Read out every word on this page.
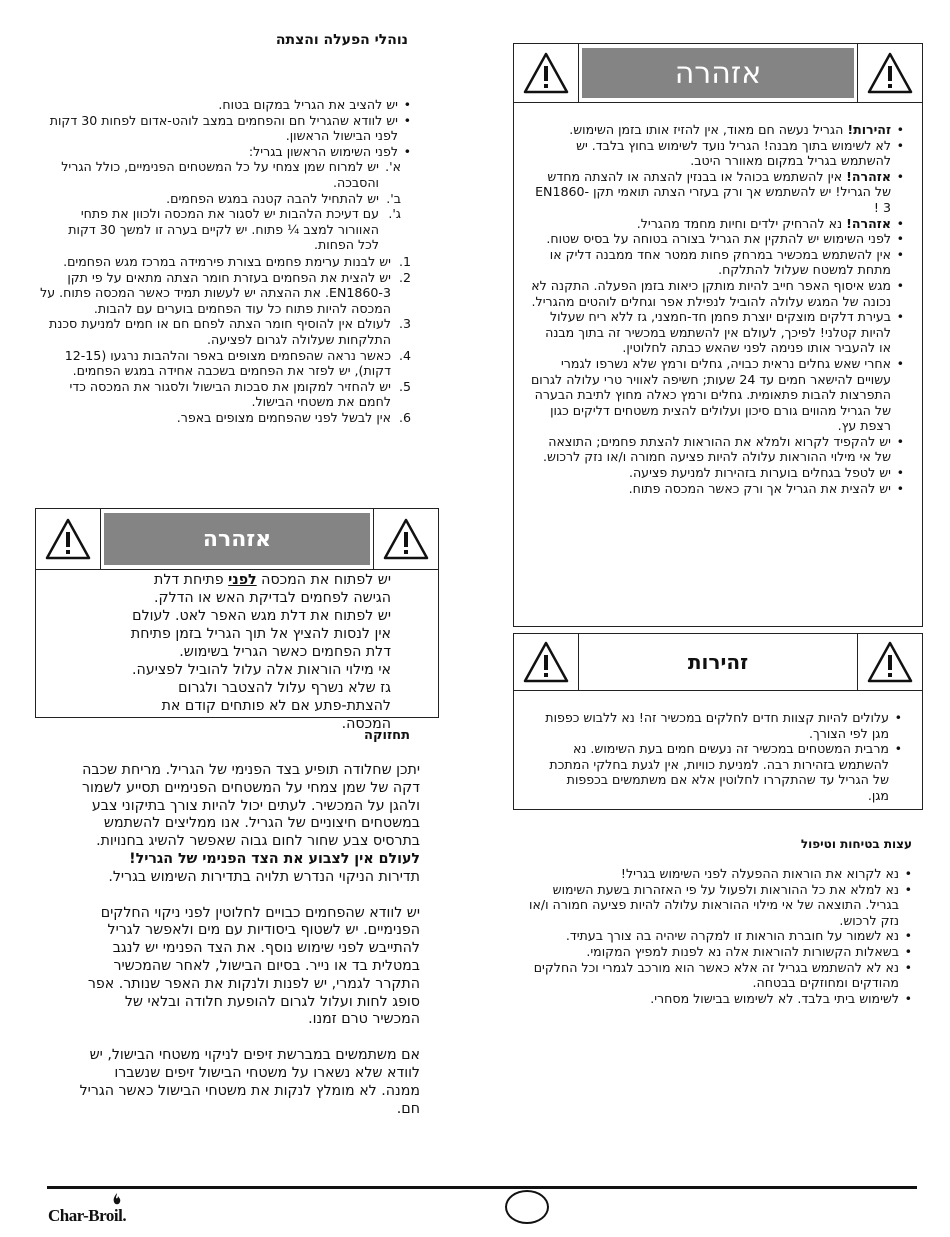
נוהלי הפעלה והצתה
• יש להציב את הגריל במקום בטוח.
• יש לוודא שהגריל חם והפחמים במצב לוהט-אדום לפחות 30 דקות לפני הבישול הראשון.
• לפני השימוש הראשון בגריל:
א'.
יש למרוח שמן צמחי על כל המשטחים הפנימיים, כולל הגריל והסבכה.
ב'.
יש להתחיל להבה קטנה במגש הפחמים.
ג'.
עם דעיכת הלהבות יש לסגור את המכסה ולכוון את פתחי האוורור למצב ¼ פתוח. יש לקיים בערה זו למשך 30 דקות לכל הפחות.
1.
יש לבנות ערימת פחמים בצורת פירמידה במרכז מגש הפחמים.
2.
יש להצית את הפחמים בעזרת חומר הצתה מתאים על פי תקן EN1860-3. את ההצתה יש לעשות תמיד כאשר המכסה פתוח. על המכסה להיות פתוח כל עוד הפחמים בוערים עם להבות.
3.
לעולם אין להוסיף חומר הצתה לפחם חם או חמים למניעת סכנת התלקחות שעלולה לגרום לפציעה.
4.
כאשר נראה שהפחמים מצופים באפר והלהבות נרגעו (12-15 דקות), יש לפזר את הפחמים בשכבה אחידה במגש הפחמים.
5.
יש להחזיר למקומן את סבכות הבישול ולסגור את המכסה כדי לחמם את משטחי הבישול.
6.
אין לבשל לפני שהפחמים מצופים באפר.
אזהרה

יש לפתוח את המכסה לפני פתיחת דלת הגישה לפחמים לבדיקת האש או הדלק.

יש לפתוח את דלת מגש האפר לאט. לעולם אין לנסות להציץ אל תוך הגריל בזמן פתיחת דלת הפחמים כאשר הגריל בשימוש.

אי מילוי הוראות אלה עלול להוביל לפציעה.

גז שלא נשרף עלול להצטבר ולגרום להצתת-פתע אם לא פותחים קודם את המכסה.

תחזוקה

יתכן שחלודה תופיע בצד הפנימי של הגריל. מריחת שכבה דקה של שמן צמחי על המשטחים הפנימיים תסייע לשמור ולהגן על המכשיר. לעתים יכול להיות צורך בתיקוני צבע במשטחים חיצוניים של הגריל. אנו ממליצים להשתמש בתרסיס צבע שחור לחום גבוה שאפשר להשיג בחנויות. לעולם אין לצבוע את הצד הפנימי של הגריל!

תדירות הניקוי הנדרש תלויה בתדירות השימוש בגריל.

יש לוודא שהפחמים כבויים לחלוטין לפני ניקוי החלקים הפנימיים. יש לשטוף ביסודיות עם מים ולאפשר לגריל להתייבש לפני שימוש נוסף. את הצד הפנימי יש לנגב במטלית בד או נייר. בסיום הבישול, לאחר שהמכשיר התקרר לגמרי, יש לפנות ולנקות את האפר שנותר. אפר סופג לחות ועלול לגרום להופעת חלודה ובלאי של המכשיר טרם זמנו.

אם משתמשים במברשת זיפים לניקוי משטחי הבישול, יש לוודא שלא נשארו על משטחי הבישול זיפים שנשברו ממנה. לא מומלץ לנקות את משטחי הבישול כאשר הגריל חם.

אזהרה
• זהירות! הגריל נעשה חם מאוד, אין להזיז אותו בזמן השימוש.
• לא לשימוש בתוך מבנה! הגריל נועד לשימוש בחוץ בלבד. יש להשתמש בגריל במקום מאוורר היטב.
• אזהרה! אין להשתמש בכוהל או בבנזין להצתה או להצתה מחדש של הגריל! יש להשתמש אך ורק בעזרי הצתה תואמי תקן EN1860-3 !
• אזהרה! נא להרחיק ילדים וחיות מחמד מהגריל.
• לפני השימוש יש להתקין את הגריל בצורה בטוחה על בסיס שטוח.
• אין להשתמש במכשיר במרחק פחות ממטר אחד ממבנה דליק או מתחת למשטח שעלול להתלקח.
• מגש איסוף האפר חייב להיות מותקן כיאות בזמן הפעלה. התקנה לא נכונה של המגש עלולה להוביל לנפילת אפר וגחלים לוהטים מהגריל.
• בעירת דלקים מוצקים יוצרת פחמן חד-חמצני, גז ללא ריח שעלול להיות קטלני! לפיכך, לעולם אין להשתמש במכשיר זה בתוך מבנה או להעביר אותו פנימה לפני שהאש כבתה לחלוטין.
• אחרי שאש גחלים נראית כבויה, גחלים ורמץ שלא נשרפו לגמרי עשויים להישאר חמים עד 24 שעות; חשיפה לאוויר טרי עלולה לגרום התפרצות להבות פתאומית. גחלים ורמץ כאלה מחוץ לתיבת הבערה של הגריל מהווים גורם סיכון ועלולים להצית משטחים דליקים כגון רצפת עץ.
• יש להקפיד לקרוא ולמלא את ההוראות להצתת פחמים; התוצאה של אי מילוי ההוראות עלולה להיות פציעה חמורה ו/או נזק לרכוש.
• יש לטפל בגחלים בוערות בזהירות למניעת פציעה.
• יש להצית את הגריל אך ורק כאשר המכסה פתוח.
זהירות
• עלולים להיות קצוות חדים לחלקים במכשיר זה! נא ללבוש כפפות מגן לפי הצורך.
• מרבית המשטחים במכשיר זה נעשים חמים בעת השימוש. נא להשתמש בזהירות רבה. למניעת כוויות, אין לגעת בחלקי המתכת של הגריל עד שהתקררו לחלוטין אלא אם משתמשים בכפפות מגן.
עצות בטיחות וטיפול
• נא לקרוא את הוראות ההפעלה לפני השימוש בגריל!
• נא למלא את כל ההוראות ולפעול על פי האזהרות בשעת השימוש בגריל. התוצאה של אי מילוי ההוראות עלולה להיות פציעה חמורה ו/או נזק לרכוש.
• נא לשמור על חוברת הוראות זו למקרה שיהיה בה צורך בעתיד.
• בשאלות הקשורות להוראות אלה נא לפנות למפיץ המקומי.
• נא לא להשתמש בגריל זה אלא כאשר הוא מורכב לגמרי וכל החלקים מהודקים ומחוזקים בבטחה.
• לשימוש ביתי בלבד. לא לשימוש בבישול מסחרי.
Char-Broil.
